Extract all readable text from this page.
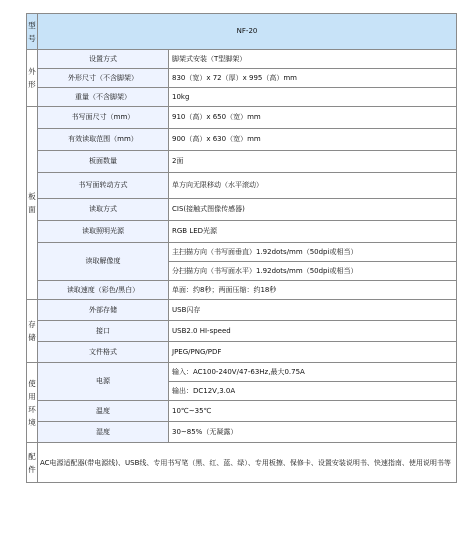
型号	NF-20	
外形	设置方式	脚架式安装（T型脚架）
	外形尺寸（不含脚架）	830（宽）x 72（厚）x 995（高）mm
	重量（不含脚架）	10kg
板面	书写面尺寸（mm）	910（高）x 650（宽）mm
	有效读取范围（mm）	900（高）x 630（宽）mm
	板面数量	2面
	书写面转动方式	单方向无限移动（水平滚动）
	读取方式	CIS(接触式图像传感器)
	读取照明光源	RGB LED光源
	读取解像度	主扫描方向（书写面垂直）1.92dots/mm（50dpi或相当）
		分扫描方向（书写面水平）1.92dots/mm（50dpi或相当）
	读取速度（彩色/黑白）	单面：约8秒；两面压缩：约18秒
存储	外部存储	USB闪存
	接口	USB2.0 HI-speed
	文件格式	JPEG/PNG/PDF
使用环境	电源	输入：AC100-240V/47-63Hz,最大0.75A
		输出：DC12V,3.0A
	温度	10℃~35℃
	湿度	30~85%（无凝露）
配件	AC电源适配器(带电源线)、USB线、专用书写笔（黑、红、蓝、绿）、专用板擦、保修卡、设置安装说明书、快速指南、使用说明书等	
